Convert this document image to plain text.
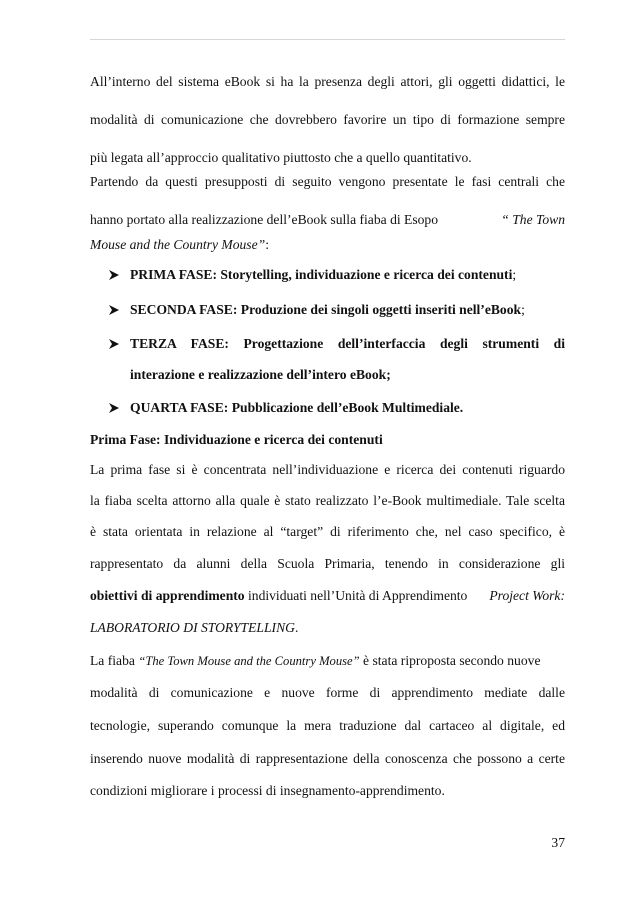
All’interno del sistema eBook si ha la presenza degli attori, gli oggetti didattici, le
modalità di comunicazione che dovrebbero favorire un tipo di formazione sempre
più legata all’approccio qualitativo piuttosto che a quello quantitativo.
Partendo da questi presupposti di seguito vengono presentate le fasi centrali che
hanno portato alla realizzazione dell’eBook sulla fiaba di Esopo	“ The Town
Mouse and the Country Mouse”:
PRIMA FASE: Storytelling, individuazione e ricerca dei contenuti;
SECONDA FASE: Produzione dei singoli oggetti inseriti nell’eBook;
TERZA FASE: Progettazione dell’interfaccia degli strumenti di
interazione e realizzazione dell’intero eBook;
QUARTA FASE: Pubblicazione dell’eBook Multimediale.
Prima Fase: Individuazione e ricerca dei contenuti
La prima fase si è concentrata nell’individuazione e ricerca dei contenuti riguardo
la fiaba scelta attorno alla quale è stato realizzato l’e-Book multimediale. Tale scelta
è stata orientata in relazione al “target” di riferimento che, nel caso specifico, è
rappresentato da alunni della Scuola Primaria, tenendo in considerazione gli
obiettivi di apprendimento individuati nell’Unità di Apprendimento Project Work:
LABORATORIO DI STORYTELLING.
La fiaba “The Town Mouse and the Country Mouse” è stata riproposta secondo nuove
modalità di comunicazione e nuove forme di apprendimento mediate dalle
tecnologie, superando comunque la mera traduzione dal cartaceo al digitale, ed
inserendo nuove modalità di rappresentazione della conoscenza che possono a certe
condizioni migliorare i processi di insegnamento-apprendimento.
37
